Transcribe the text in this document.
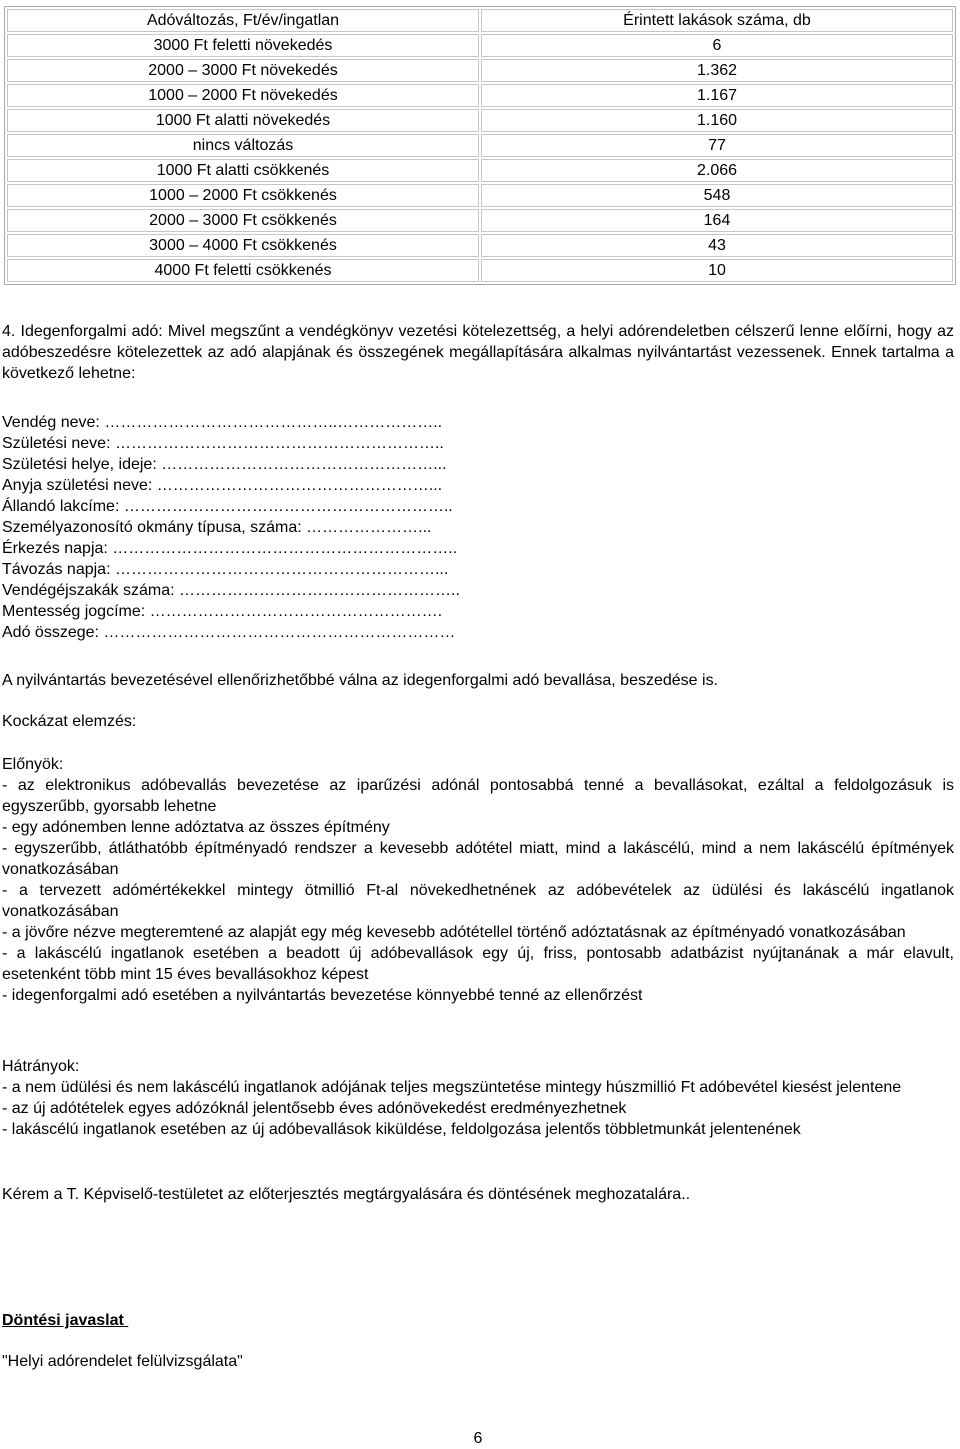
Adóváltozás, Ft/év/ingatlan	Érintett lakások száma, db
3000 Ft feletti növekedés	6
2000 – 3000 Ft növekedés	1.362
1000 – 2000 Ft növekedés	1.167
1000 Ft alatti növekedés	1.160
nincs változás	77
1000 Ft alatti csökkenés	2.066
1000 – 2000 Ft csökkenés	548
2000 – 3000 Ft csökkenés	164
3000 – 4000 Ft csökkenés	43
4000 Ft feletti csökkenés	10

4. Idegenforgalmi adó: Mivel megszűnt a vendégkönyv vezetési kötelezettség, a helyi adórendeletben célszerű lenne előírni, hogy az adóbeszedésre kötelezettek az adó alapjának és összegének megállapítására alkalmas nyilvántartást vezessenek. Ennek tartalma a következő lehetne:

Vendég neve: ……………………………………..………………..
Születési neve: ……………………………………………………..
Születési helye, ideje: ……………………………………………...
Anyja születési neve: ……………………………………………...
Állandó lakcíme: ……………………………………………………..
Személyazonosító okmány típusa, száma: …………………...
Érkezés napja: ………………………………………………………..
Távozás napja: ……………………………………………………...
Vendégéjszakák száma: ……………………………………………..
Mentesség jogcíme: ……………………………………………….
Adó összege: …………………………………………………………

A nyilvántartás bevezetésével ellenőrizhetőbbé válna az idegenforgalmi adó bevallása, beszedése is.

Kockázat elemzés:

Előnyök:

- az elektronikus adóbevallás bevezetése az iparűzési adónál pontosabbá tenné a bevallásokat, ezáltal a feldolgozásuk is egyszerűbb, gyorsabb lehetne

- egy adónemben lenne adóztatva az összes építmény

- egyszerűbb, átláthatóbb építményadó rendszer a kevesebb adótétel miatt, mind a lakáscélú, mind a nem lakáscélú építmények vonatkozásában

- a tervezett adómértékekkel mintegy ötmillió Ft-al növekedhetnének az adóbevételek az üdülési és lakáscélú ingatlanok vonatkozásában

- a jövőre nézve megteremtené az alapját egy még kevesebb adótétellel történő adóztatásnak az építményadó vonatkozásában

- a lakáscélú ingatlanok esetében a beadott új adóbevallások egy új, friss, pontosabb adatbázist nyújtanának a már elavult, esetenként több mint 15 éves bevallásokhoz képest

- idegenforgalmi adó esetében a nyilvántartás bevezetése könnyebbé tenné az ellenőrzést

Hátrányok:

- a nem üdülési és nem lakáscélú ingatlanok adójának teljes megszüntetése mintegy húszmillió Ft adóbevétel kiesést jelentene

- az új adótételek egyes adózóknál jelentősebb éves adónövekedést eredményezhetnek

- lakáscélú ingatlanok esetében az új adóbevallások kiküldése, feldolgozása jelentős többletmunkát jelentenének

Kérem a T. Képviselő-testületet az előterjesztés megtárgyalására és döntésének meghozatalára..

Döntési javaslat

"Helyi adórendelet felülvizsgálata"

6
